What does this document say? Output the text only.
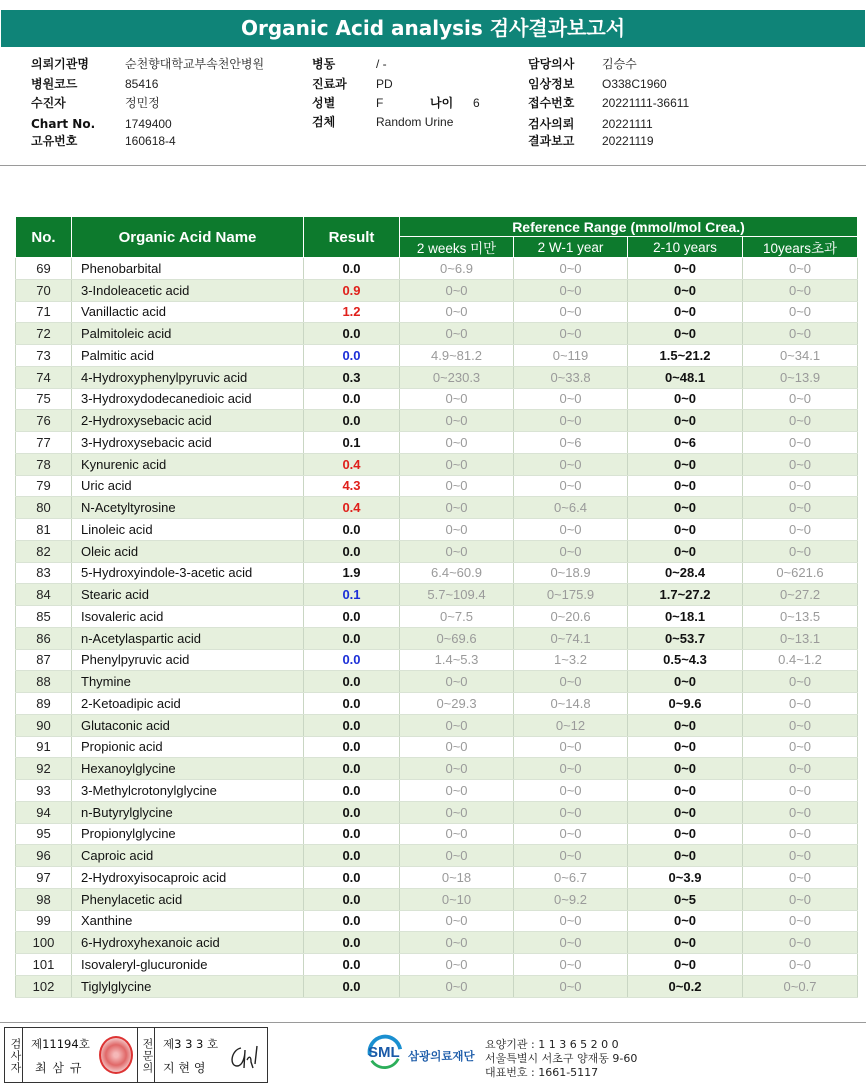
Organic Acid analysis 검사결과보고서
의뢰기관명	순천향대학교부속천안병원
병원코드	85416
수진자	정민정
Chart No. 1749400
고유번호	160618-4
병동	/ -
진료과 PD
성별	F	나이 6
검체	Random Urine
담당의사 김승수
임상정보 O338C1960
접수번호 20221111-36611
검사의뢰 20221111
결과보고 20221119
No.	Organic Acid Name	Result	Reference Range (mmol/mol Crea.)			
			2 weeks 미만	2 W-1 year	2-10 years	10years초과
69	Phenobarbital	0.0	0~6.9	0~0	0~0	0~0
70	3-Indoleacetic acid	0.9	0~0	0~0	0~0	0~0
71	Vanillactic acid	1.2	0~0	0~0	0~0	0~0
72	Palmitoleic acid	0.0	0~0	0~0	0~0	0~0
73	Palmitic acid	0.0	4.9~81.2	0~119	1.5~21.2	0~34.1
74	4-Hydroxyphenylpyruvic acid	0.3	0~230.3	0~33.8	0~48.1	0~13.9
75	3-Hydroxydodecanedioic acid	0.0	0~0	0~0	0~0	0~0
76	2-Hydroxysebacic acid	0.0	0~0	0~0	0~0	0~0
77	3-Hydroxysebacic acid	0.1	0~0	0~6	0~6	0~0
78	Kynurenic acid	0.4	0~0	0~0	0~0	0~0
79	Uric acid	4.3	0~0	0~0	0~0	0~0
80	N-Acetyltyrosine	0.4	0~0	0~6.4	0~0	0~0
81	Linoleic acid	0.0	0~0	0~0	0~0	0~0
82	Oleic acid	0.0	0~0	0~0	0~0	0~0
83	5-Hydroxyindole-3-acetic acid	1.9	6.4~60.9	0~18.9	0~28.4	0~621.6
84	Stearic acid	0.1	5.7~109.4	0~175.9	1.7~27.2	0~27.2
85	Isovaleric acid	0.0	0~7.5	0~20.6	0~18.1	0~13.5
86	n-Acetylaspartic acid	0.0	0~69.6	0~74.1	0~53.7	0~13.1
87	Phenylpyruvic acid	0.0	1.4~5.3	1~3.2	0.5~4.3	0.4~1.2
88	Thymine	0.0	0~0	0~0	0~0	0~0
89	2-Ketoadipic acid	0.0	0~29.3	0~14.8	0~9.6	0~0
90	Glutaconic acid	0.0	0~0	0~12	0~0	0~0
91	Propionic acid	0.0	0~0	0~0	0~0	0~0
92	Hexanoylglycine	0.0	0~0	0~0	0~0	0~0
93	3-Methylcrotonylglycine	0.0	0~0	0~0	0~0	0~0
94	n-Butyrylglycine	0.0	0~0	0~0	0~0	0~0
95	Propionylglycine	0.0	0~0	0~0	0~0	0~0
96	Caproic acid	0.0	0~0	0~0	0~0	0~0
97	2-Hydroxyisocaproic acid	0.0	0~18	0~6.7	0~3.9	0~0
98	Phenylacetic acid	0.0	0~10	0~9.2	0~5	0~0
99	Xanthine	0.0	0~0	0~0	0~0	0~0
100	6-Hydroxyhexanoic acid	0.0	0~0	0~0	0~0	0~0
101	Isovaleryl-glucuronide	0.0	0~0	0~0	0~0	0~0
102	Tiglylglycine	0.0	0~0	0~0	0~0.2	0~0.7
검사자 제11194호
최 삼 규	전문의 제3 3 3 호
지 현 영
SML 삼광의료재단
요양기관 : 1 1 3 6 5 2 0 0
서울특별시 서초구 양재동 9-60
대표번호 : 1661-5117
